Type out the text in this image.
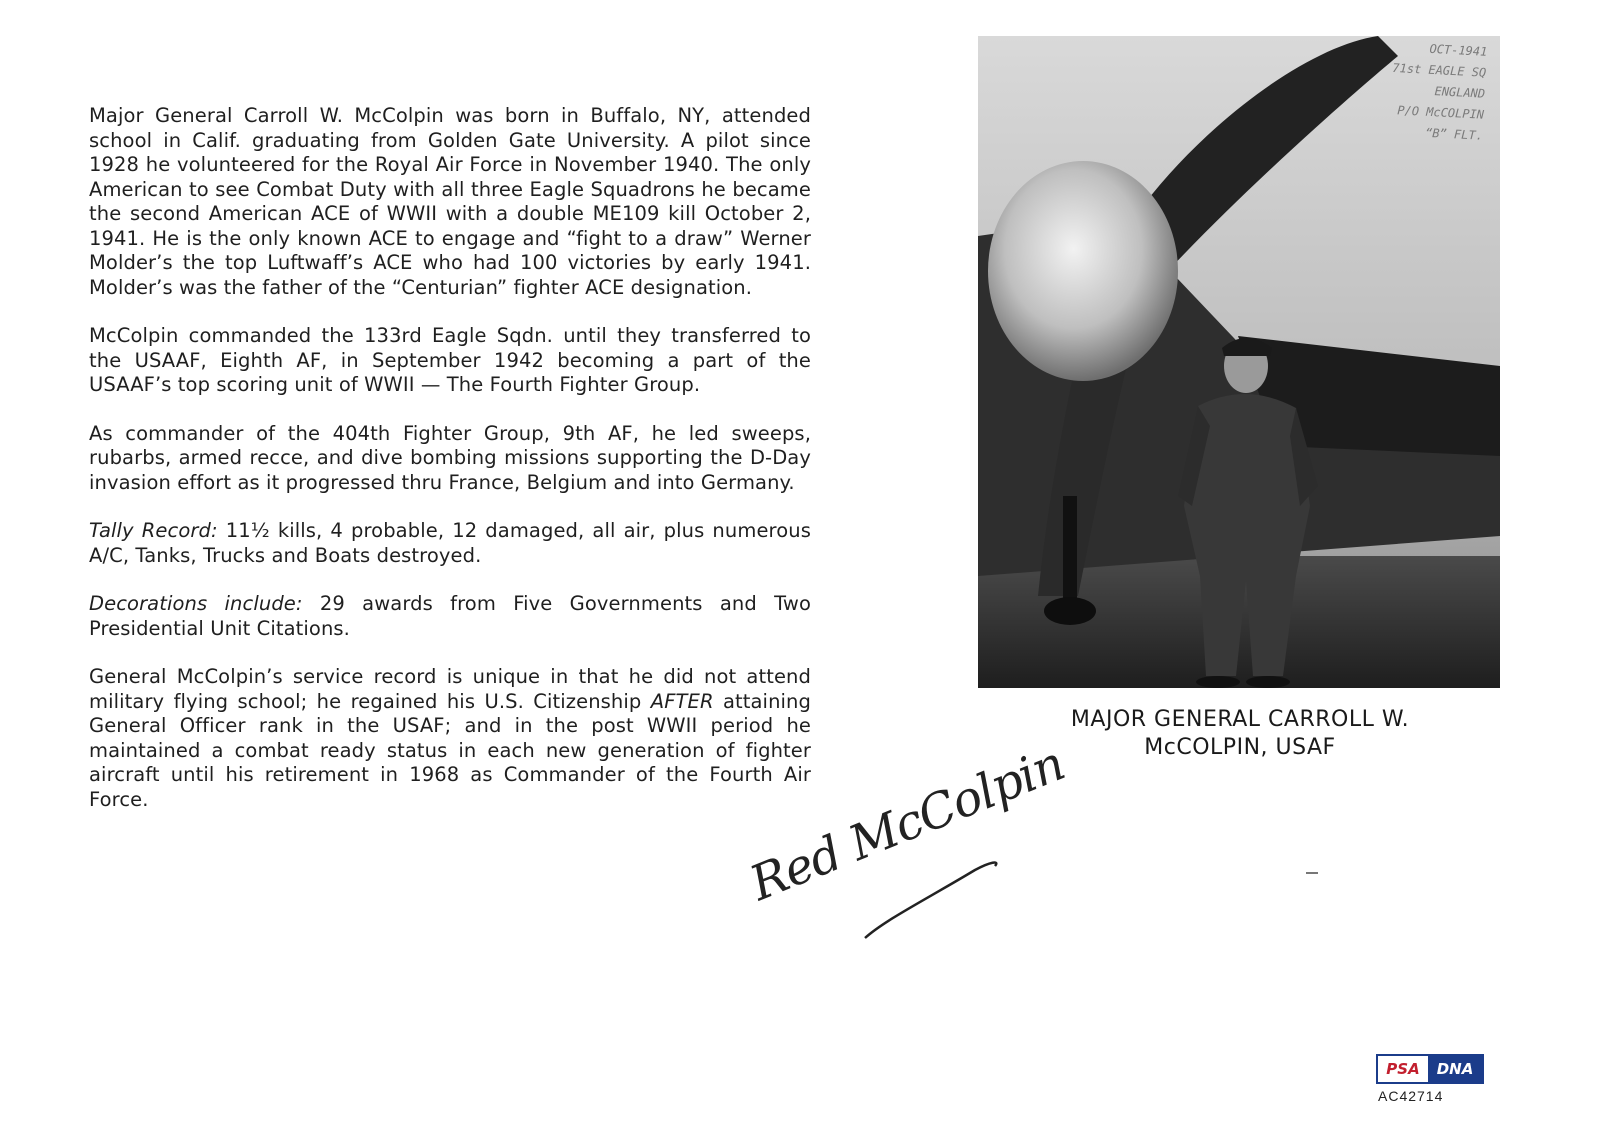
Major General Carroll W. McColpin was born in Buffalo, NY, attended school in Calif. graduating from Golden Gate University. A pilot since 1928 he volunteered for the Royal Air Force in November 1940. The only American to see Combat Duty with all three Eagle Squadrons he became the second American ACE of WWII with a double ME109 kill October 2, 1941. He is the only known ACE to engage and “fight to a draw” Werner Molder’s the top Luftwaff’s ACE who had 100 victories by early 1941. Molder’s was the father of the “Centurian” fighter ACE designation.

McColpin commanded the 133rd Eagle Sqdn. until they transferred to the USAAF, Eighth AF, in September 1942 becoming a part of the USAAF’s top scoring unit of WWII — The Fourth Fighter Group.

As commander of the 404th Fighter Group, 9th AF, he led sweeps, rubarbs, armed recce, and dive bombing missions supporting the D-Day invasion effort as it progressed thru France, Belgium and into Germany.

Tally Record: 11½ kills, 4 probable, 12 damaged, all air, plus numerous A/C, Tanks, Trucks and Boats destroyed.

Decorations include: 29 awards from Five Governments and Two Presidential Unit Citations.

General McColpin’s service record is unique in that he did not attend military flying school; he regained his U.S. Citizenship AFTER attaining General Officer rank in the USAF; and in the post WWII period he maintained a combat ready status in each new generation of fighter aircraft until his retirement in 1968 as Commander of the Fourth Air Force.

OCT-1941
71st EAGLE SQ
ENGLAND
P/O McCOLPIN
“B” FLT.
MAJOR GENERAL CARROLL W.
McCOLPIN, USAF
Red McColpin
PSA	DNA
AC42714
